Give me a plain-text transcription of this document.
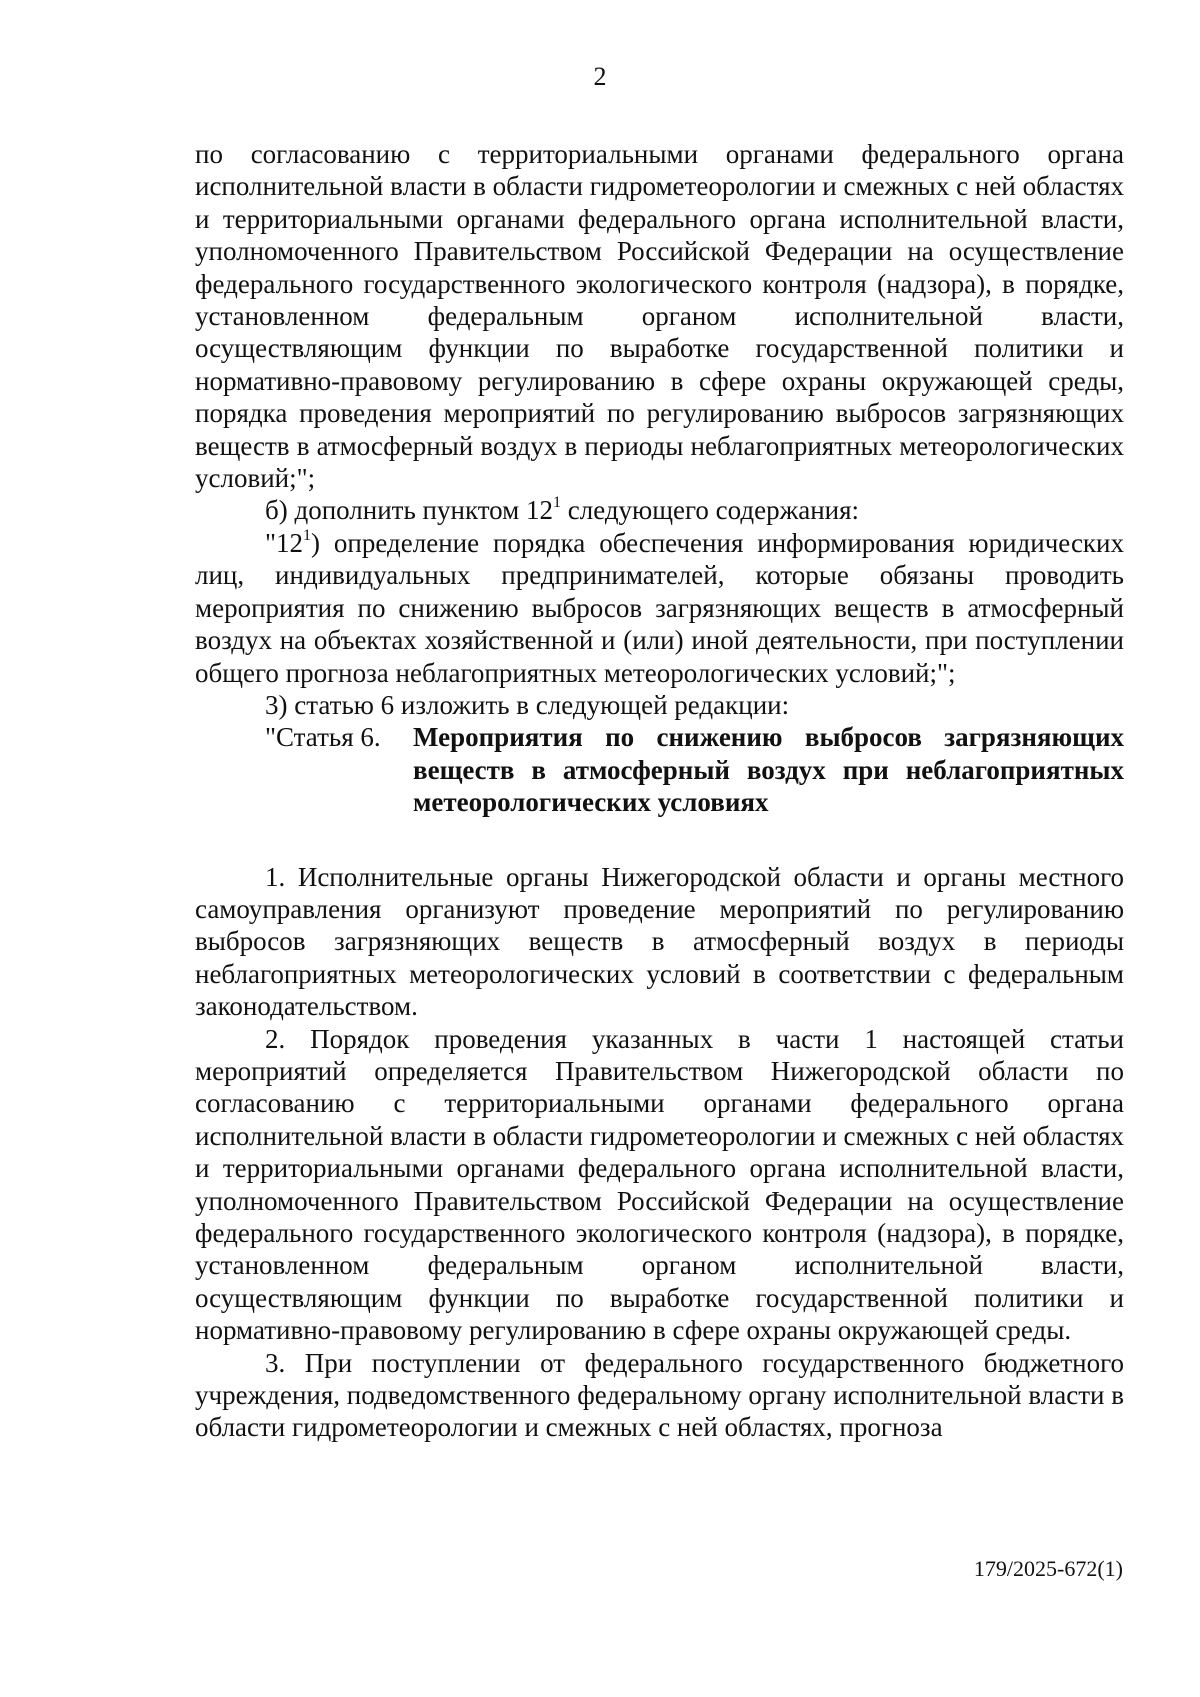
2

по согласованию с территориальными органами федерального органа исполнительной власти в области гидрометеорологии и смежных с ней областях и территориальными органами федерального органа исполнительной власти, уполномоченного Правительством Российской Федерации на осуществление федерального государственного экологического контроля (надзора), в порядке, установленном федеральным органом исполнительной власти, осуществляющим функции по выработке государственной политики и нормативно-правовому регулированию в сфере охраны окружающей среды, порядка проведения мероприятий по регулированию выбросов загрязняющих веществ в атмосферный воздух в периоды неблагоприятных метеорологических условий;";

б) дополнить пунктом $12^1$ следующего содержания:

"$12^1$) определение порядка обеспечения информирования юридических лиц, индивидуальных предпринимателей, которые обязаны проводить мероприятия по снижению выбросов загрязняющих веществ в атмосферный воздух на объектах хозяйственной и (или) иной деятельности, при поступлении общего прогноза неблагоприятных метеорологических условий;";

3) статью 6 изложить в следующей редакции:

"Статья 6.	Мероприятия по снижению выбросов загрязняющих веществ в атмосферный воздух при неблагоприятных метеорологических условиях

1. Исполнительные органы Нижегородской области и органы местного самоуправления организуют проведение мероприятий по регулированию выбросов загрязняющих веществ в атмосферный воздух в периоды неблагоприятных метеорологических условий в соответствии с федеральным законодательством.

2. Порядок проведения указанных в части 1 настоящей статьи мероприятий определяется Правительством Нижегородской области по согласованию с территориальными органами федерального органа исполнительной власти в области гидрометеорологии и смежных с ней областях и территориальными органами федерального органа исполнительной власти, уполномоченного Правительством Российской Федерации на осуществление федерального государственного экологического контроля (надзора), в порядке, установленном федеральным органом исполнительной власти, осуществляющим функции по выработке государственной политики и нормативно-правовому регулированию в сфере охраны окружающей среды.

3. При поступлении от федерального государственного бюджетного учреждения, подведомственного федеральному органу исполнительной власти в области гидрометеорологии и смежных с ней областях, прогноза

179/2025-672(1)
